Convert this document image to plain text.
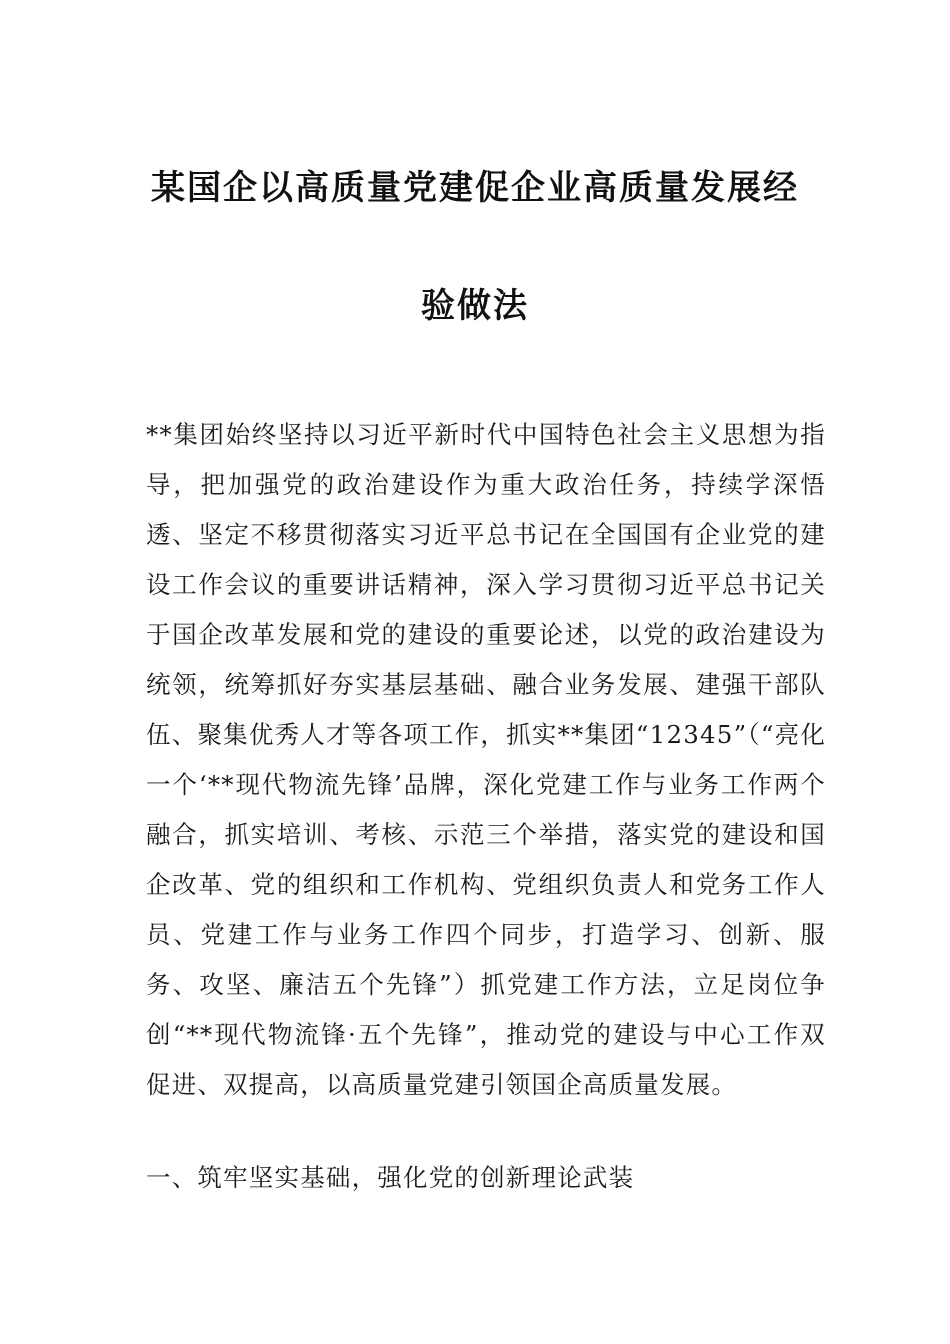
某国企以高质量党建促企业高质量发展经
验做法

**集团始终坚持以习近平新时代中国特色社会主义思想为指导，把加强党的政治建设作为重大政治任务，持续学深悟透、坚定不移贯彻落实习近平总书记在全国国有企业党的建设工作会议的重要讲话精神，深入学习贯彻习近平总书记关于国企改革发展和党的建设的重要论述，以党的政治建设为统领，统筹抓好夯实基层基础、融合业务发展、建强干部队伍、聚集优秀人才等各项工作，抓实**集团“12345”（“亮化一个‘**现代物流先锋’品牌，深化党建工作与业务工作两个融合，抓实培训、考核、示范三个举措，落实党的建设和国企改革、党的组织和工作机构、党组织负责人和党务工作人员、党建工作与业务工作四个同步，打造学习、创新、服务、攻坚、廉洁五个先锋”）抓党建工作方法，立足岗位争创“**现代物流锋·五个先锋”，推动党的建设与中心工作双促进、双提高，以高质量党建引领国企高质量发展。

一、筑牢坚实基础，强化党的创新理论武装
